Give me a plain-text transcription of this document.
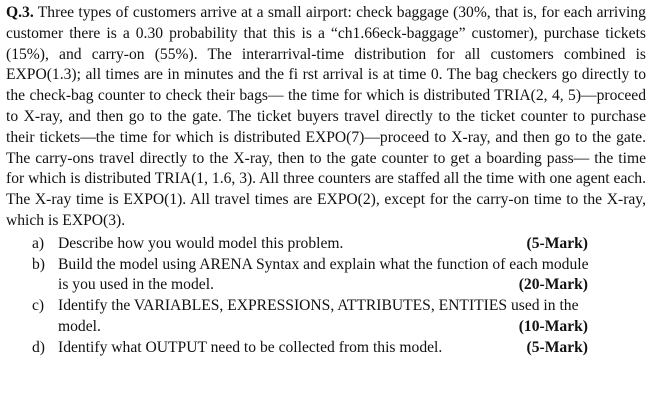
Q.3. Three types of customers arrive at a small airport: check baggage (30%, that is, for each arriving customer there is a 0.30 probability that this is a “ch1.66eck-baggage” customer), purchase tickets (15%), and carry-on (55%). The interarrival-time distribution for all customers combined is EXPO(1.3); all times are in minutes and the fi rst arrival is at time 0. The bag checkers go directly to the check-bag counter to check their bags— the time for which is distributed TRIA(2, 4, 5)—proceed to X-ray, and then go to the gate. The ticket buyers travel directly to the ticket counter to purchase their tickets—the time for which is distributed EXPO(7)—proceed to X-ray, and then go to the gate. The carry-ons travel directly to the X-ray, then to the gate counter to get a boarding pass— the time for which is distributed TRIA(1, 1.6, 3). All three counters are staffed all the time with one agent each. The X-ray time is EXPO(1). All travel times are EXPO(2), except for the carry-on time to the X-ray, which is EXPO(3).

a) Describe how you would model this problem.	(5-Mark)
b) Build the model using ARENA Syntax and explain what the function of each module
is you used in the model.	(20-Mark)
c) Identify the VARIABLES, EXPRESSIONS, ATTRIBUTES, ENTITIES used in the
model.	(10-Mark)
d) Identify what OUTPUT need to be collected from this model.	(5-Mark)
